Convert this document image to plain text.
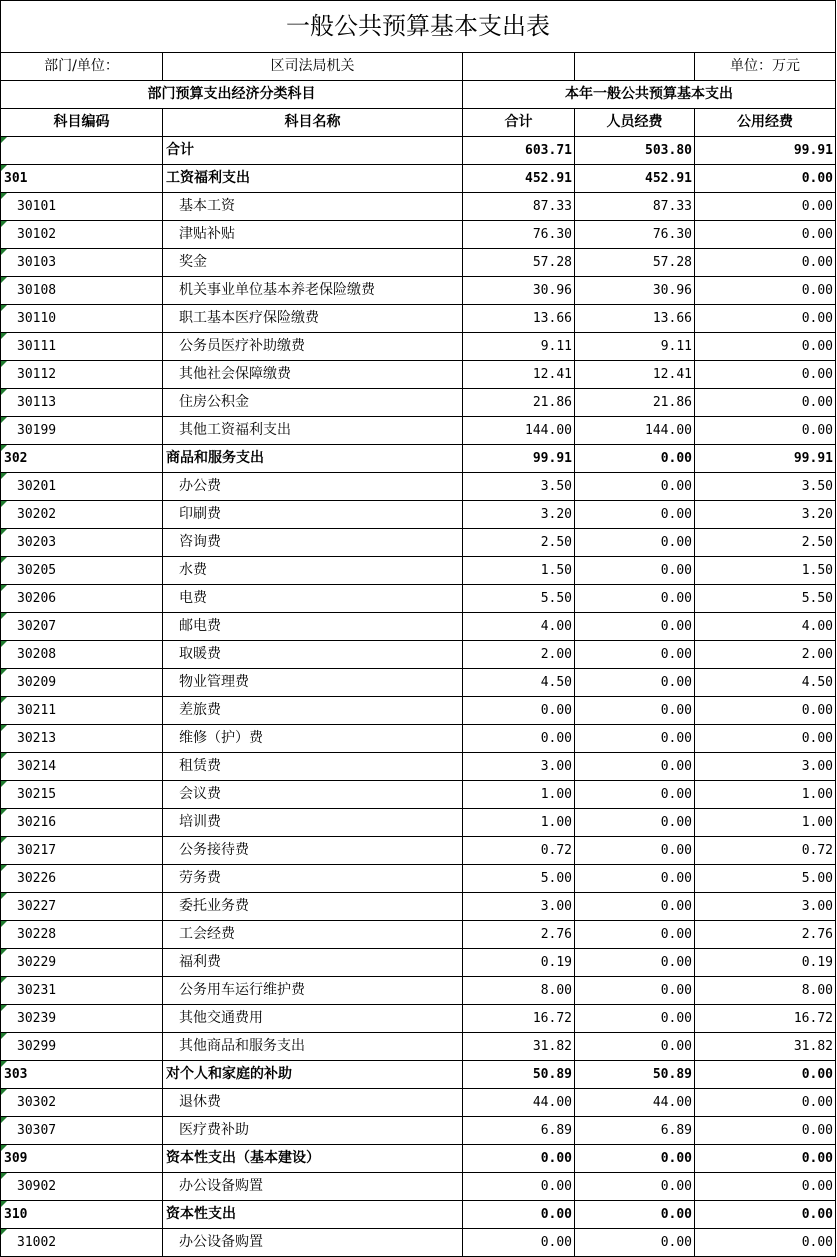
一般公共预算基本支出表				
部门/单位：	区司法局机关			单位：万元
部门预算支出经济分类科目		本年一般公共预算基本支出		
科目编码	科目名称	合计	人员经费	公用经费
	合计	603.71	503.80	99.91
301	工资福利支出	452.91	452.91	0.00
30101	基本工资	87.33	87.33	0.00
30102	津贴补贴	76.30	76.30	0.00
30103	奖金	57.28	57.28	0.00
30108	机关事业单位基本养老保险缴费	30.96	30.96	0.00
30110	职工基本医疗保险缴费	13.66	13.66	0.00
30111	公务员医疗补助缴费	9.11	9.11	0.00
30112	其他社会保障缴费	12.41	12.41	0.00
30113	住房公积金	21.86	21.86	0.00
30199	其他工资福利支出	144.00	144.00	0.00
302	商品和服务支出	99.91	0.00	99.91
30201	办公费	3.50	0.00	3.50
30202	印刷费	3.20	0.00	3.20
30203	咨询费	2.50	0.00	2.50
30205	水费	1.50	0.00	1.50
30206	电费	5.50	0.00	5.50
30207	邮电费	4.00	0.00	4.00
30208	取暖费	2.00	0.00	2.00
30209	物业管理费	4.50	0.00	4.50
30211	差旅费	0.00	0.00	0.00
30213	维修（护）费	0.00	0.00	0.00
30214	租赁费	3.00	0.00	3.00
30215	会议费	1.00	0.00	1.00
30216	培训费	1.00	0.00	1.00
30217	公务接待费	0.72	0.00	0.72
30226	劳务费	5.00	0.00	5.00
30227	委托业务费	3.00	0.00	3.00
30228	工会经费	2.76	0.00	2.76
30229	福利费	0.19	0.00	0.19
30231	公务用车运行维护费	8.00	0.00	8.00
30239	其他交通费用	16.72	0.00	16.72
30299	其他商品和服务支出	31.82	0.00	31.82
303	对个人和家庭的补助	50.89	50.89	0.00
30302	退休费	44.00	44.00	0.00
30307	医疗费补助	6.89	6.89	0.00
309	资本性支出（基本建设）	0.00	0.00	0.00
30902	办公设备购置	0.00	0.00	0.00
310	资本性支出	0.00	0.00	0.00
31002	办公设备购置	0.00	0.00	0.00
